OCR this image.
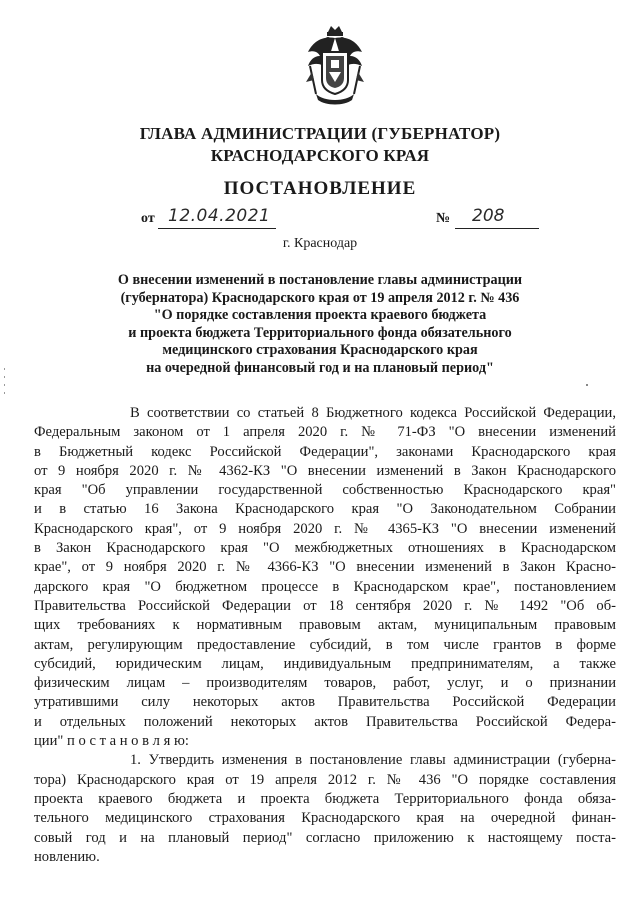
ГЛАВА АДМИНИСТРАЦИИ (ГУБЕРНАТОР)
КРАСНОДАРСКОГО КРАЯ
ПОСТАНОВЛЕНИЕ
от 12.04.2021	№ 208
г. Краснодар
О внесении изменений в постановление главы администрации
(губернатора) Краснодарского края от 19 апреля 2012 г. № 436
"О порядке составления проекта краевого бюджета
и проекта бюджета Территориального фонда обязательного
медицинского страхования Краснодарского края
на очередной финансовый год и на плановый период"
В соответствии со статьей 8 Бюджетного кодекса Российской Федерации,
Федеральным законом от 1 апреля 2020 г. № 71-ФЗ "О внесении изменений
в Бюджетный кодекс Российской Федерации", законами Краснодарского края
от 9 ноября 2020 г. № 4362-КЗ "О внесении изменений в Закон Краснодарского
края "Об управлении государственной собственностью Краснодарского края"
и в статью 16 Закона Краснодарского края "О Законодательном Собрании
Краснодарского края", от 9 ноября 2020 г. № 4365-КЗ "О внесении изменений
в Закон Краснодарского края "О межбюджетных отношениях в Краснодарском
крае", от 9 ноября 2020 г. № 4366-КЗ "О внесении изменений в Закон Красно-
дарского края "О бюджетном процессе в Краснодарском крае", постановлением
Правительства Российской Федерации от 18 сентября 2020 г. № 1492 "Об об-
щих требованиях к нормативным правовым актам, муниципальным правовым
актам, регулирующим предоставление субсидий, в том числе грантов в форме
субсидий, юридическим лицам, индивидуальным предпринимателям, а также
физическим лицам – производителям товаров, работ, услуг, и о признании
утратившими силу некоторых актов Правительства Российской Федерации
и отдельных положений некоторых актов Правительства Российской Федера-
ции" п о с т а н о в л я ю:
1. Утвердить изменения в постановление главы администрации (губерна-
тора) Краснодарского края от 19 апреля 2012 г. № 436 "О порядке составления
проекта краевого бюджета и проекта бюджета Территориального фонда обяза-
тельного медицинского страхования Краснодарского края на очередной финан-
совый год и на плановый период" согласно приложению к настоящему поста-
новлению.
